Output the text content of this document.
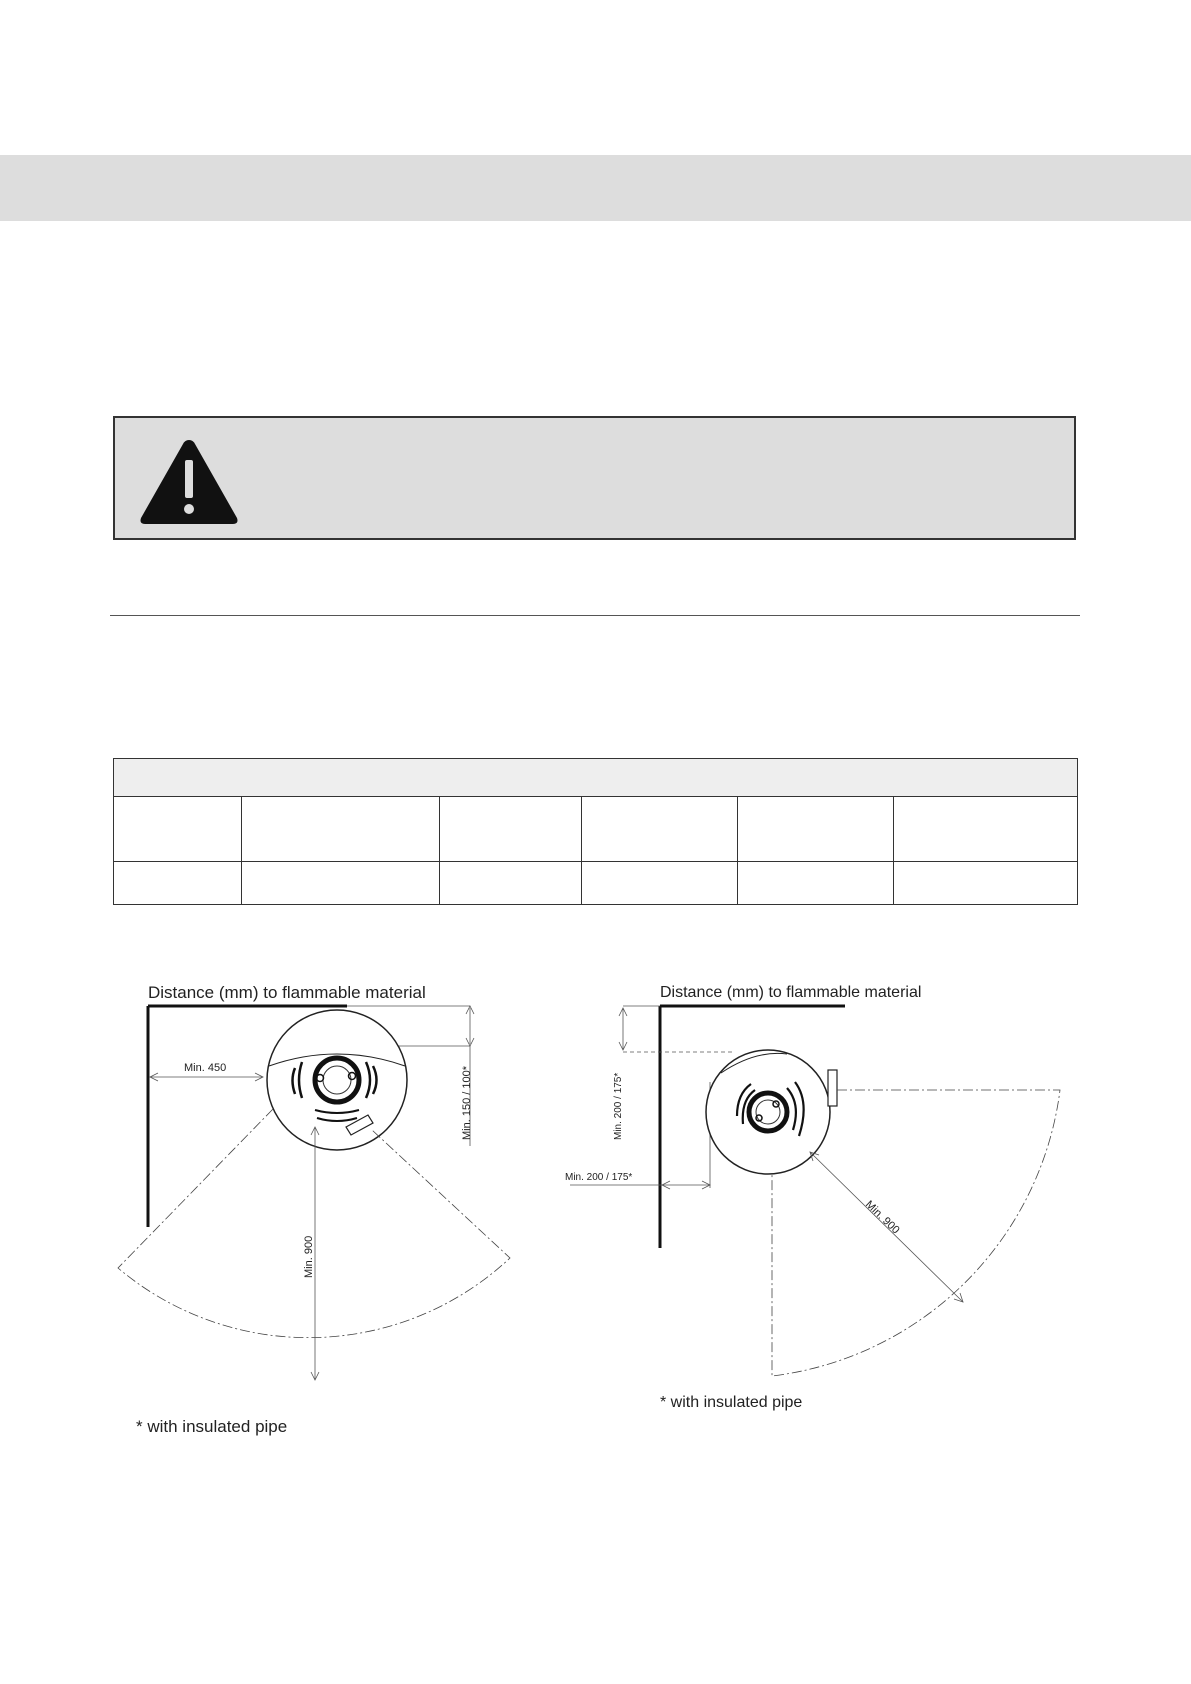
Distance (mm) to flammable material
Min. 150 / 100*
Min. 450
Min. 900
* with insulated pipe
Distance (mm) to flammable material
Min. 200 / 175*
Min. 200 / 175*
Min. 900
* with insulated pipe
